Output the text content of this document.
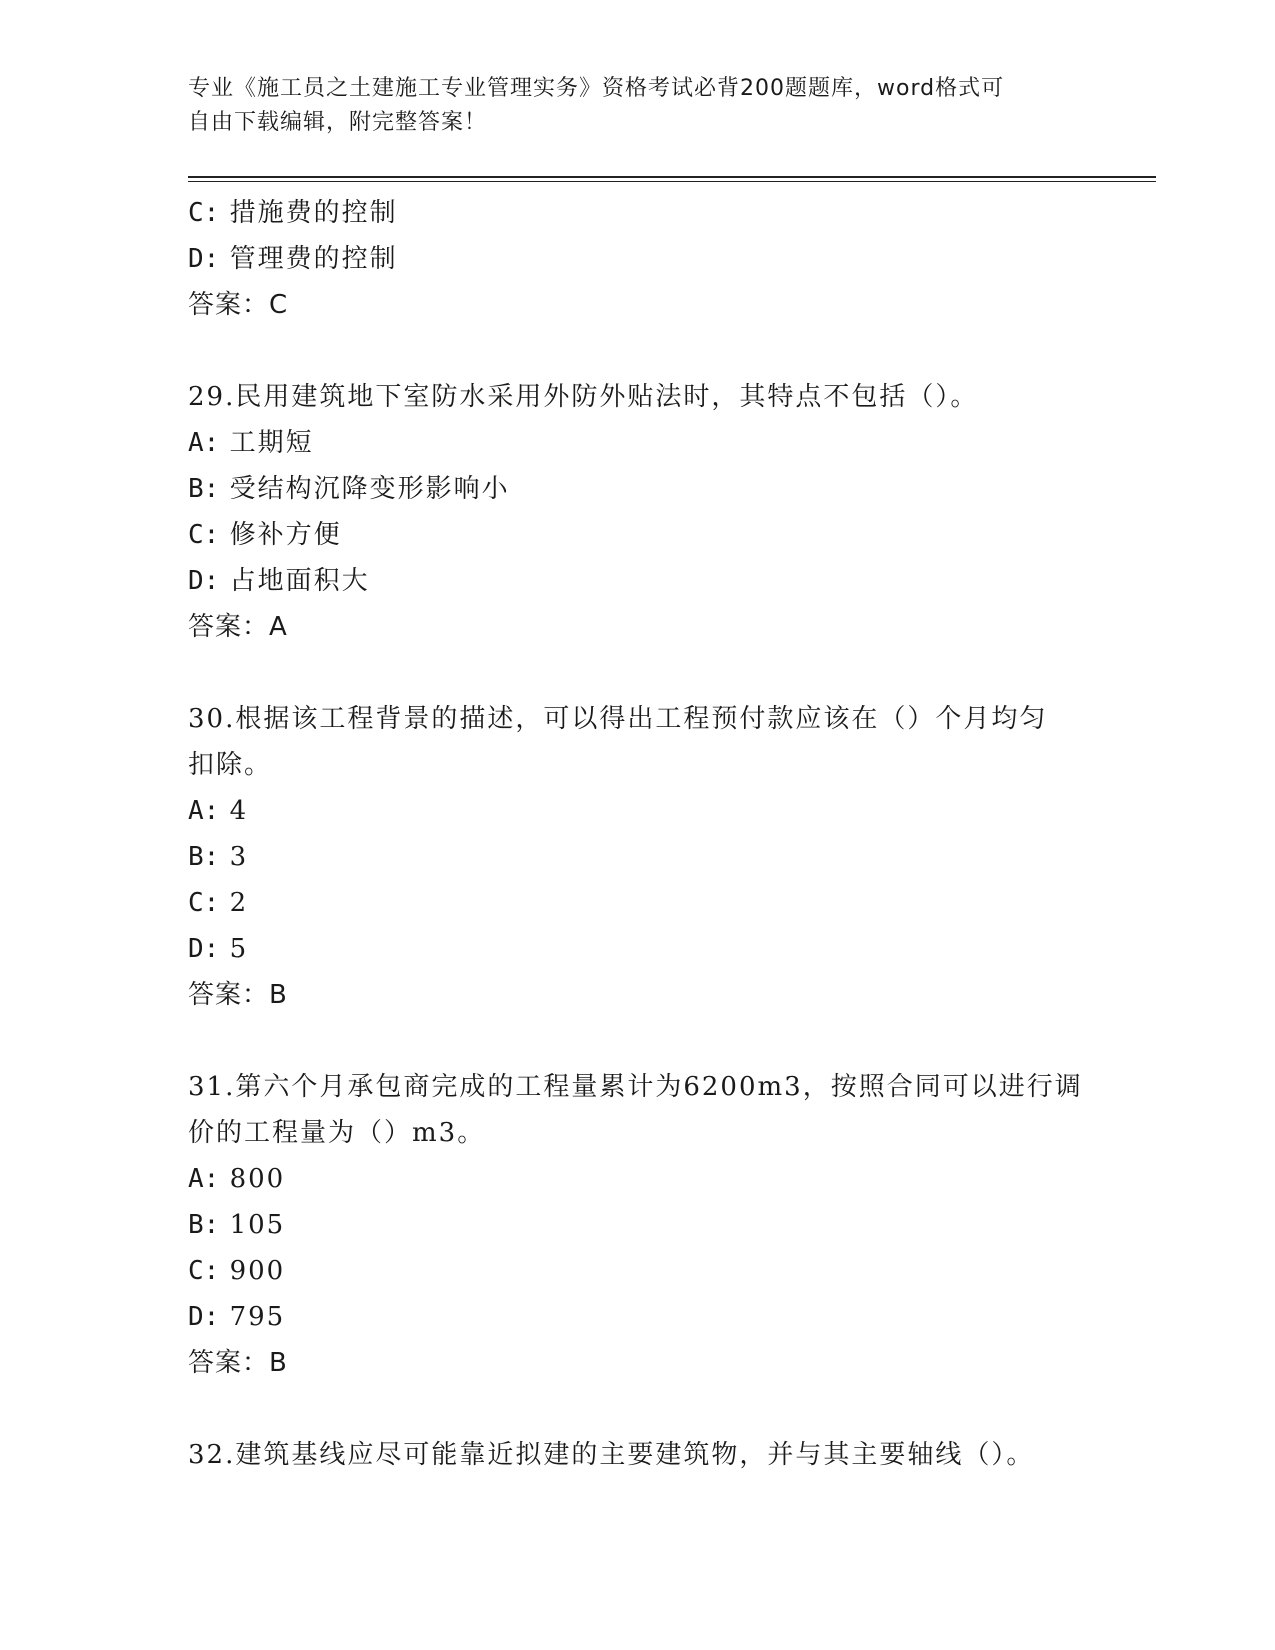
专业《施工员之土建施工专业管理实务》资格考试必背200题题库，word格式可
自由下载编辑，附完整答案！
C: 措施费的控制
D: 管理费的控制
答案：C
29.民用建筑地下室防水采用外防外贴法时，其特点不包括（）。
A: 工期短
B: 受结构沉降变形影响小
C: 修补方便
D: 占地面积大
答案：A
30.根据该工程背景的描述，可以得出工程预付款应该在（）个月均匀
扣除。
A: 4
B: 3
C: 2
D: 5
答案：B
31.第六个月承包商完成的工程量累计为6200m3，按照合同可以进行调
价的工程量为（）m3。
A: 800
B: 105
C: 900
D: 795
答案：B
32.建筑基线应尽可能靠近拟建的主要建筑物，并与其主要轴线（）。
